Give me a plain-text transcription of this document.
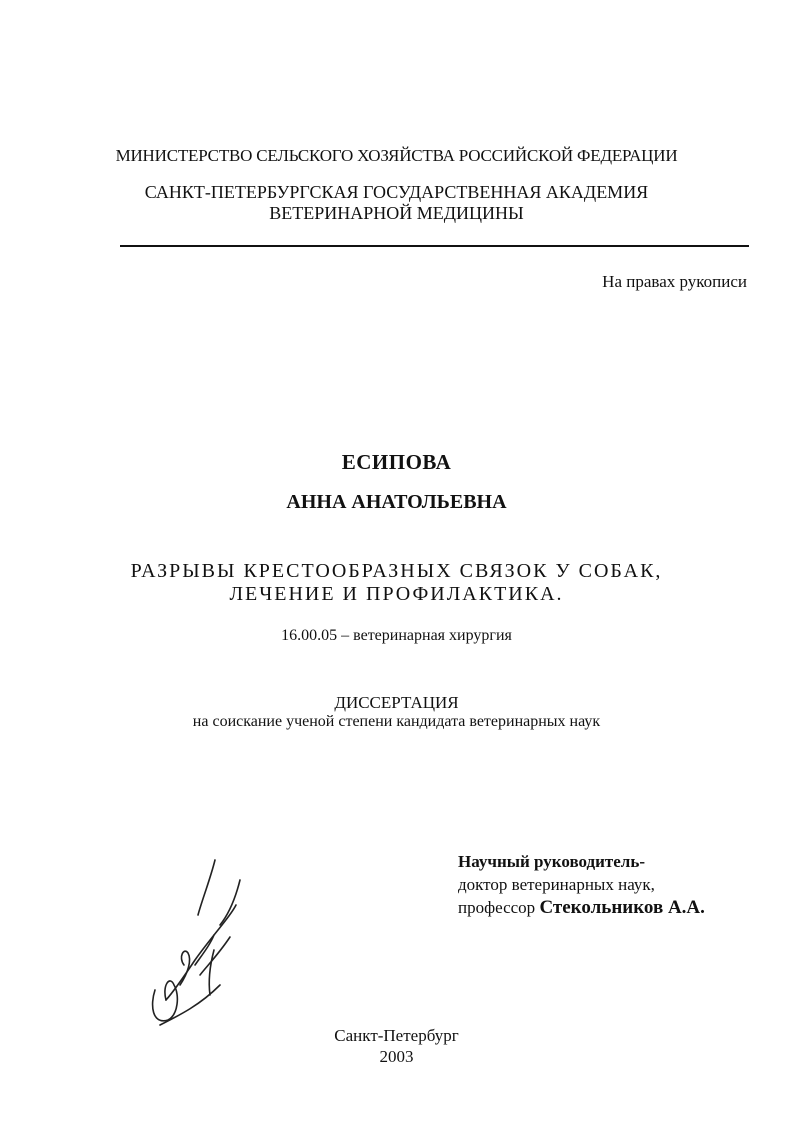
МИНИСТЕРСТВО СЕЛЬСКОГО ХОЗЯЙСТВА РОССИЙСКОЙ ФЕДЕРАЦИИ
САНКТ-ПЕТЕРБУРГСКАЯ ГОСУДАРСТВЕННАЯ АКАДЕМИЯ
ВЕТЕРИНАРНОЙ МЕДИЦИНЫ
На правах рукописи
ЕСИПОВА
АННА АНАТОЛЬЕВНА
РАЗРЫВЫ КРЕСТООБРАЗНЫХ СВЯЗОК У СОБАК,
ЛЕЧЕНИЕ И ПРОФИЛАКТИКА.
16.00.05 – ветеринарная хирургия
ДИССЕРТАЦИЯ
на соискание ученой степени кандидата ветеринарных наук
Научный руководитель-
доктор ветеринарных наук,
профессор Стекольников А.А.
Санкт-Петербург
2003
